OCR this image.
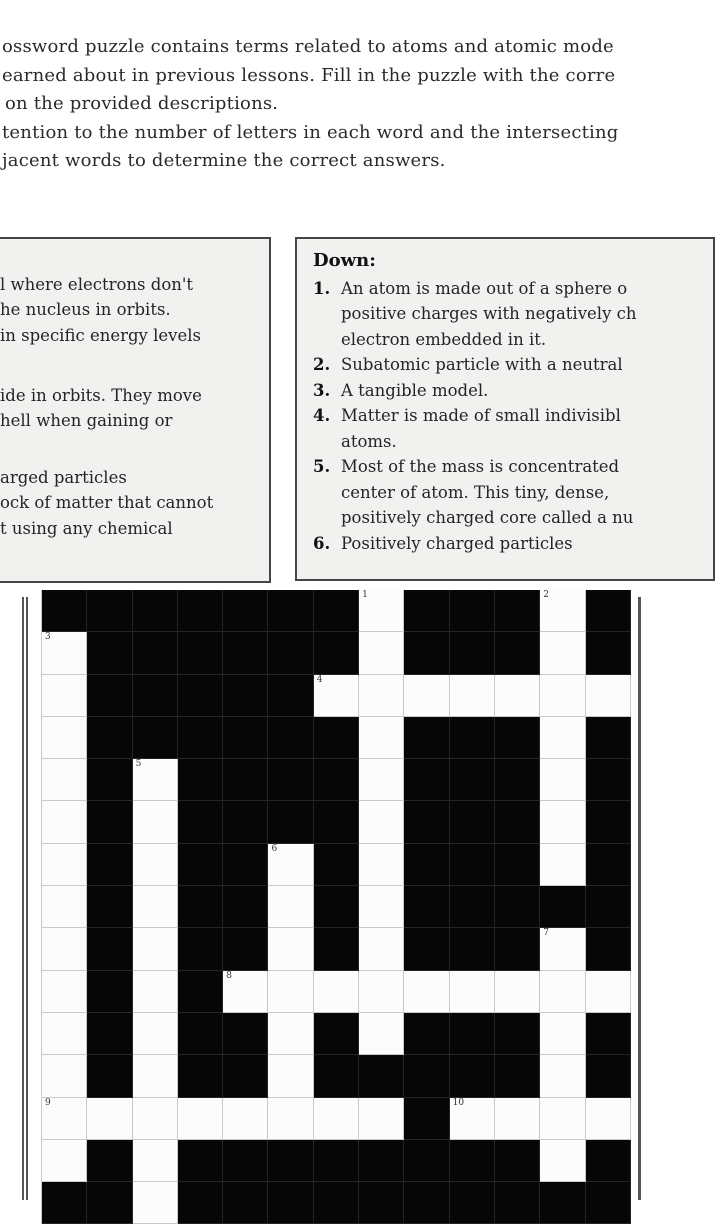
ossword puzzle contains terms related to atoms and atomic mode
earned about in previous lessons. Fill in the puzzle with the corre
on the provided descriptions.
tention to the number of letters in each word and the intersecting
jacent words to determine the correct answers.
l where electrons don't
he nucleus in orbits.
in specific energy levels
ide in orbits. They move
hell when gaining or
arged particles
ock of matter that cannot
t using any chemical
Down:
1. An atom is made out of a sphere o
positive charges with negatively ch
electron embedded in it.
2. Subatomic particle with a neutral
3. A tangible model.
4. Matter is made of small indivisibl
atoms.
5. Most of the mass is concentrated
center of atom. This tiny, dense,
positively charged core called a nu
6. Positively charged particles
1	2
3
4
5
6
7
8
9	10
